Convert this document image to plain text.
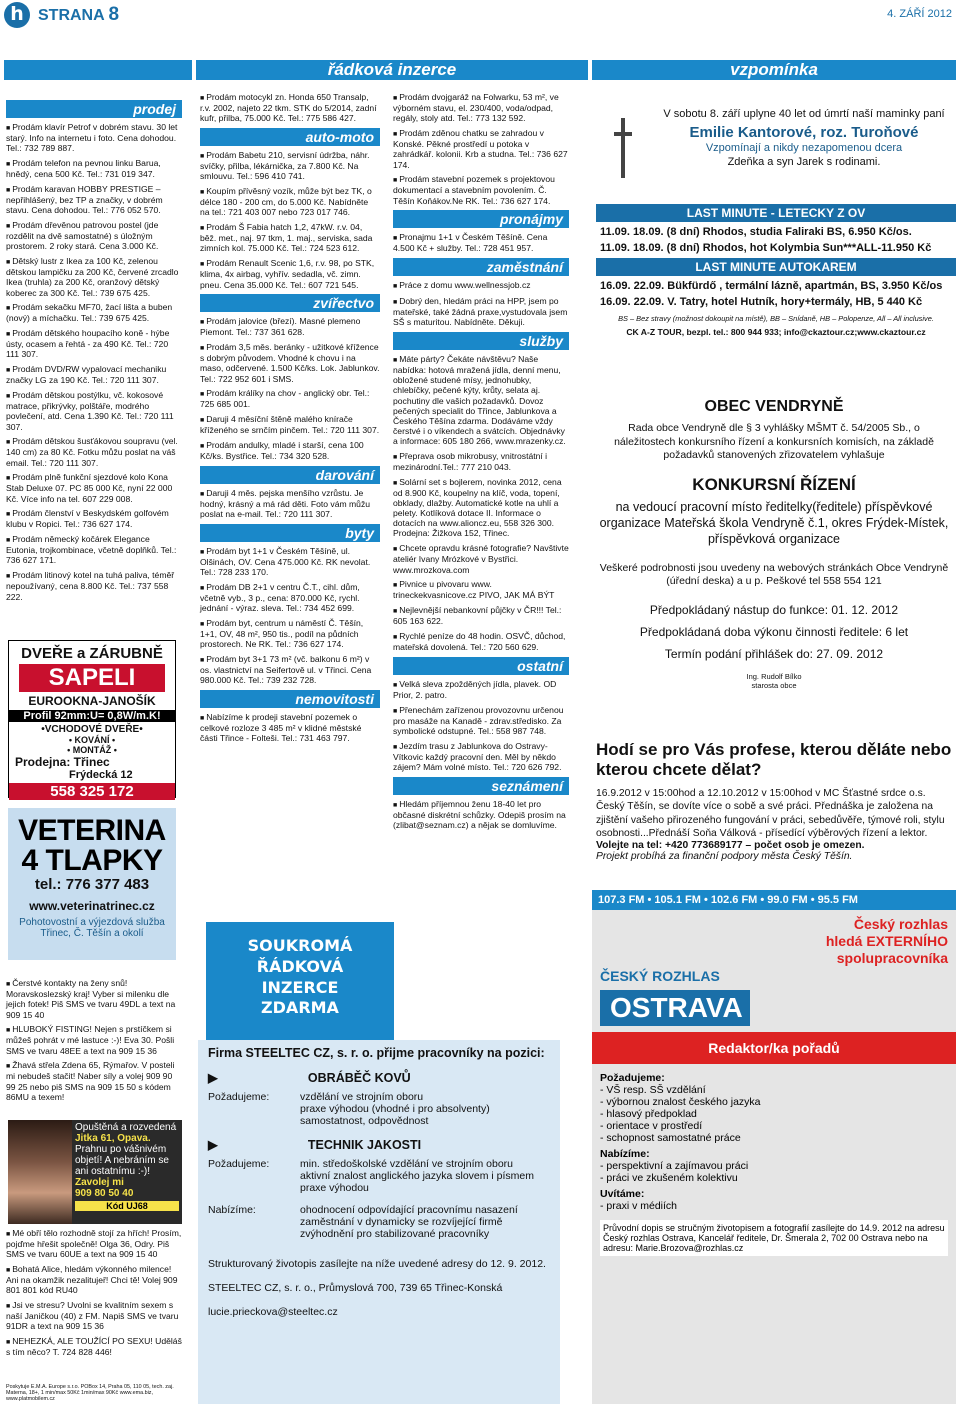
h STRANA 8	4. ZÁŘÍ 2012
řádková inzerce	vzpomínka
prodej

■ Prodám klavír Petrof v dobrém stavu. 30 let starý. Info na internetu i foto. Cena dohodou. Tel.: 732 789 887.

■ Prodám telefon na pevnou linku Barua, hnědý, cena 500 Kč. Tel.: 731 019 347.

■ Prodám karavan HOBBY PRESTIGE – nepřihlášený, bez TP a značky, v dobrém stavu. Cena dohodou. Tel.: 776 052 570.

■ Prodám dřevěnou patrovou postel (jde rozdělit na dvě samostatné) s úložným prostorem. 2 roky stará. Cena 3.000 Kč.

■ Dětský lustr z Ikea za 100 Kč, zelenou dětskou lampičku za 200 Kč, červené zrcadlo Ikea (truhla) za 200 Kč, oranžový dětský koberec za 300 Kč. Tel.: 739 675 425.

■ Prodám sekačku MF70, žací lišta a buben (nový) a míchačku. Tel.: 739 675 425.

■ Prodám dětského houpacího koně - hýbe ústy, ocasem a řehtá - za 490 Kč. Tel.: 720 111 307.

■ Prodám DVD/RW vypalovací mechaniku značky LG za 190 Kč. Tel.: 720 111 307.

■ Prodám dětskou postýlku, vč. kokosové matrace, přikrývky, polštáře, modrého povlečení, atd. Cena 1.390 Kč. Tel.: 720 111 307.

■ Prodám dětskou šusťákovou soupravu (vel. 140 cm) za 80 Kč. Fotku můžu poslat na váš email. Tel.: 720 111 307.

■ Prodám plně funkční sjezdové kolo Kona Stab Deluxe 07. PC 85 000 Kč, nyní 22 000 Kč. Více info na tel. 607 229 008.

■ Prodám členství v Beskydském golfovém klubu v Ropici. Tel.: 736 627 174.

■ Prodám německý kočárek Elegance Eutonia, trojkombinace, včetně doplňků. Tel.: 736 627 171.

■ Prodám litinový kotel na tuhá paliva, téměř nepoužívaný, cena 8.800 Kč. Tel.: 737 558 222.

DVEŘE a ZÁRUBNĚ
SAPELI
EUROOKNA-JANOŠÍK
Profil 92mm:U= 0,8W/m.K!
•VCHODOVÉ DVEŘE•
• KOVÁNÍ •
• MONTÁŽ •
Prodejna: Třinec
Frýdecká 12
558 325 172
VETERINA
4 TLAPKY
tel.: 776 377 483
www.veterinatrinec.cz
Pohotovostní a výjezdová služba Třinec, Č. Těšín a okolí

■ Čerstvé kontakty na ženy snů! Moravskoslezský kraj! Vyber si milenku dle jejich fotek! Piš SMS ve tvaru 49DL a text na 909 15 40

■ HLUBOKÝ FISTING! Nejen s prstíčkem si můžeš pohrát v mé lastuce :-)! Eva 30. Pošli SMS ve tvaru 48EE a text na 909 15 36

■ Žhavá střela Zdena 65, Rýmařov. V posteli mi nebudeš stačit! Naber síly a volej 909 90 99 25 nebo piš SMS na 909 15 50 s kódem 86MU a texem!

Opuštěná a rozvedená
Jitka 61, Opava.
Prahnu po vášnivém objetí! A nebráním se ani ostatnímu :-)!
Zavolej mi
909 80 50 40
Kód UJ68

■ Mé obří tělo rozhodně stojí za hřích! Prosím, pojďme hřešit společně! Olga 36, Odry. Piš SMS ve tvaru 60UE a text na 909 15 40

■ Bohatá Alice, hledám výkonného milence! Ani na okamžik nezalitujeř! Chci tě! Volej 909 801 801 kód RU40

■ Jsi ve stresu? Uvolni se kvalitním sexem s naší Janičkou (40) z FM. Napiš SMS ve tvaru 91DR a text na 909 15 36

■ NEHEZKÁ, ALE TOUŽÍCÍ PO SEXU! Uděláš s tím něco? T. 724 828 446!

Poskytuje E.M.A. Europe s.r.o. POBox 14, Praha 05, 110 05, tech. zaj. Materna, 18+, 1 min/max 50Kč 1min/max 90Kč www.ema.biz, www.platmobilem.cz

■ Prodám motocykl zn. Honda 650 Transalp, r.v. 2002, najeto 22 tkm. STK do 5/2014, zadní kufr, přilba, 75.000 Kč. Tel.: 775 586 427.

auto-moto

■ Prodám Babetu 210, servisní údržba, náhr. svíčky, přilba, lékárnička, za 7.800 Kč. Na smlouvu. Tel.: 596 410 741.

■ Koupím přívěsný vozík, může být bez TK, o délce 180 - 200 cm, do 5.000 Kč. Nabídněte na tel.: 721 403 007 nebo 723 017 746.

■ Prodám Š Fabia hatch 1,2, 47kW. r.v. 04, běž. met., naj. 97 tkm, 1. maj., serviska, sada zimních kol. 75.000 Kč. Tel.: 724 523 612.

■ Prodám Renault Scenic 1,6, r.v. 98, po STK, klima, 4x airbag, vyhřív. sedadla, vč. zimn. pneu. Cena 35.000 Kč. Tel.: 607 721 545.

zvířectvo

■ Prodám jalovice (březí). Masné plemeno Piemont. Tel.: 737 361 628.

■ Prodám 3,5 měs. beránky - užitkové křížence s dobrým původem. Vhodné k chovu i na maso, odčervené. 1.500 Kč/ks. Lok. Jablunkov. Tel.: 722 952 601 i SMS.

■ Prodám králíky na chov - anglický obr. Tel.: 725 685 001.

■ Daruji 4 měsíční štěně malého knírače kříženého se srnčím pinčem. Tel.: 720 111 307.

■ Prodám andulky, mladé i starší, cena 100 Kč/ks. Bystřice. Tel.: 734 320 528.

darování

■ Daruji 4 měs. pejska menšího vzrůstu. Je hodný, krásný a má rád děti. Foto vám můžu poslat na e-mail. Tel.: 720 111 307.

byty

■ Prodám byt 1+1 v Českém Těšíně, ul. Olšinách, OV. Cena 475.000 Kč. RK nevolat. Tel.: 728 233 170.

■ Prodám DB 2+1 v centru Č.T., cihl. dům, včetně vyb., 3 p., cena: 870.000 Kč, rychl. jednání - výraz. sleva. Tel.: 734 452 699.

■ Prodám byt, centrum u náměstí Č. Těšín, 1+1, OV, 48 m², 950 tis., podíl na půdních prostorech. Ne RK. Tel.: 736 627 174.

■ Prodám byt 3+1 73 m² (vč. balkonu 6 m²) v os. vlastnictví na Seifertově ul. v Třinci. Cena 980.000 Kč. Tel.: 739 232 728.

nemovitosti

■ Nabízíme k prodeji stavební pozemek o celkové rozloze 3 485 m² v klidné městské části Třince - Folteši. Tel.: 731 463 797.

SOUKROMÁ
ŘÁDKOVÁ
INZERCE
ZDARMA

■ Prodám dvojgaráž na Folwarku, 53 m², ve výborném stavu, el. 230/400, voda/odpad, regály, stoly atd. Tel.: 773 132 592.

■ Prodám zděnou chatku se zahradou v Konské. Pěkné prostředí u potoka v zahrádkář. kolonii. Krb a studna. Tel.: 736 627 174.

■ Prodám stavební pozemek s projektovou dokumentací a stavebním povolením. Č. Těšín Koňákov.Ne RK. Tel.: 736 627 174.

pronájmy

■ Pronajmu 1+1 v Českém Těšíně. Cena 4.500 Kč + služby. Tel.: 728 451 957.

zaměstnání

■ Práce z domu www.wellnessjob.cz

■ Dobrý den, hledám práci na HPP, jsem po mateřské, také žádná praxe,vystudovala jsem SŠ s maturitou. Nabídněte. Děkuji.

služby

■ Máte párty? Čekáte návštěvu? Naše nabídka: hotová mražená jídla, denní menu, obložené studené mísy, jednohubky, chlebíčky, pečené kýty, krůty, selata aj. pochutiny dle vašich požadavků. Dovoz pečených specialit do Třince, Jablunkova a Českého Těšína zdarma. Dodáváme vždy čerstvé i o víkendech a svátcích. Objednávky a informace: 605 180 266, www.mrazenky.cz.

■ Přeprava osob mikrobusy, vnitrostátní i mezinárodní.Tel.: 777 210 043.

■ Solární set s bojlerem, novinka 2012, cena od 8.900 Kč, koupelny na klíč, voda, topení, obklady, dlažby. Automatické kotle na uhlí a pelety. Kotlíková dotace II. Informace o dotacích na www.alioncz.eu, 558 326 300. Prodejna: Žižkova 152, Třinec.

■ Chcete opravdu krásné fotografie? Navštivte ateliér Ivany Mrózkové v Bystřici. www.mrozkova.com

■ Pivnice u pivovaru www. trineckekvasnicove.cz PIVO, JAK MÁ BÝT

■ Nejlevnější nebankovní půjčky v ČR!!! Tel.: 605 163 622.

■ Rychlé peníze do 48 hodin. OSVČ, důchod, mateřská dovolená. Tel.: 720 560 629.

ostatní

■ Velká sleva zpožděných jídla, plavek. OD Prior, 2. patro.

■ Přenechám zařízenou provozovnu určenou pro masáže na Kanadě - zdrav.středisko. Za symbolické odstupné. Tel.: 558 987 748.

■ Jezdím trasu z Jablunkova do Ostravy-Vítkovic každý pracovní den. Měl by někdo zájem? Mám volné místo. Tel.: 720 626 792.

seznámení

■ Hledám příjemnou ženu 18-40 let pro občasné diskrétní schůzky. Odepiš prosím na (zlibat@seznam.cz) a nějak se domluvíme.

Firma STEELTEC CZ, s. r. o. přijme pracovníky na pozici:
▶                          OBRÁBĚČ KOVŮ
Požadujeme:	vzdělání ve strojním oboru
praxe výhodou (vhodné i pro absolventy)
samostatnost, odpovědnost
▶                          TECHNIK JAKOSTI
Požadujeme:	min. středoškolské vzdělání ve strojním oboru
aktivní znalost anglického jazyka slovem i písmem
praxe výhodou
Nabízíme:	ohodnocení odpovídající pracovnímu nasazení
zaměstnání v dynamicky se rozvíjející firmě
zvýhodnění pro stabilizované pracovníky
Strukturovaný životopis zasílejte na níže uvedené adresy do 12. 9. 2012.
STEELTEC CZ, s. r. o., Průmyslová 700, 739 65 Třinec-Konská
lucie.prieckova@steeltec.cz
V sobotu 8. září uplyne 40 let od úmrtí naší maminky paní
Emilie Kantorové, roz. Turoňové
Vzpomínají a nikdy nezapomenou dcera
Zdeňka a syn Jarek s rodinami.
LAST MINUTE - LETECKY Z OV
11.09. 18.09. (8 dní) Rhodos, studia Faliraki BS, 6.950 Kč/os.
11.09. 18.09. (8 dní) Rhodos, hot Kolymbia Sun***ALL-11.950 Kč
LAST MINUTE AUTOKAREM
16.09. 22.09. Bükfürdő , termální lázně, apartmán, BS, 3.950 Kč/os
16.09. 22.09. V. Tatry, hotel Hutník, hory+termály, HB, 5 440 Kč
BS – Bez stravy (možnost dokoupit na místě), BB – Snídaně, HB – Polopenze, All – All inclusive.
CK A-Z TOUR, bezpl. tel.: 800 944 933; info@ckaztour.cz;www.ckaztour.cz
OBEC VENDRYNĚ
Rada obce Vendryně dle § 3 vyhlášky MŠMT č. 54/2005 Sb., o náležitostech konkursního řízení a konkursních komisích, na základě požadavků stanovených zřizovatelem vyhlašuje
KONKURSNÍ ŘÍZENÍ
na vedoucí pracovní místo ředitelky(ředitele) příspěvkové organizace Mateřská škola Vendryně č.1, okres Frýdek-Místek, příspěvková organizace
Veškeré podrobnosti jsou uvedeny na webových stránkách Obce Vendryně (úřední deska) a u p. Peškové tel 558 554 121
Předpokládaný nástup do funkce: 01. 12. 2012
Předpokládaná doba výkonu činnosti ředitele: 6 let
Termín podání přihlášek do: 27. 09. 2012
Ing. Rudolf Bílko
starosta obce
Hodí se pro Vás profese, kterou děláte nebo kterou chcete dělat?
16.9.2012 v 15:00hod a 12.10.2012 v 15:00hod v MC Šťastné srdce o.s. Český Těšín, se dovíte více o sobě a své práci. Přednáška je založena na zjištění vašeho přirozeného fungování v práci, sebedůvěře, týmové roli, stylu osobnosti...Přednáší Soňa Válková - přísedící výběrových řízení a lektor.
Volejte na tel: +420 773689177 – počet osob je omezen.
Projekt probíhá za finanční podpory města Český Těšín.
107.3 FM • 105.1 FM • 102.6 FM • 99.0 FM • 95.5 FM
Český rozhlas
hledá EXTERNÍHO
spolupracovníka
ČESKÝ ROZHLAS
OSTRAVA
Redaktor/ka pořadů
Požadujeme:
- VŠ resp. SŠ vzdělání
- výbornou znalost českého jazyka
- hlasový předpoklad
- orientace v prostředí
- schopnost samostatné práce
Nabízíme:
- perspektivní a zajímavou práci
- práci ve zkušeném kolektivu
Uvítáme:
- praxi v médiích
Průvodní dopis se stručným životopisem a fotografií zasílejte do 14.9. 2012 na adresu Český rozhlas Ostrava, Kancelář ředitele, Dr. Šmeralа 2, 702 00 Ostrava nebo na adresu: Marie.Brozova@rozhlas.cz
